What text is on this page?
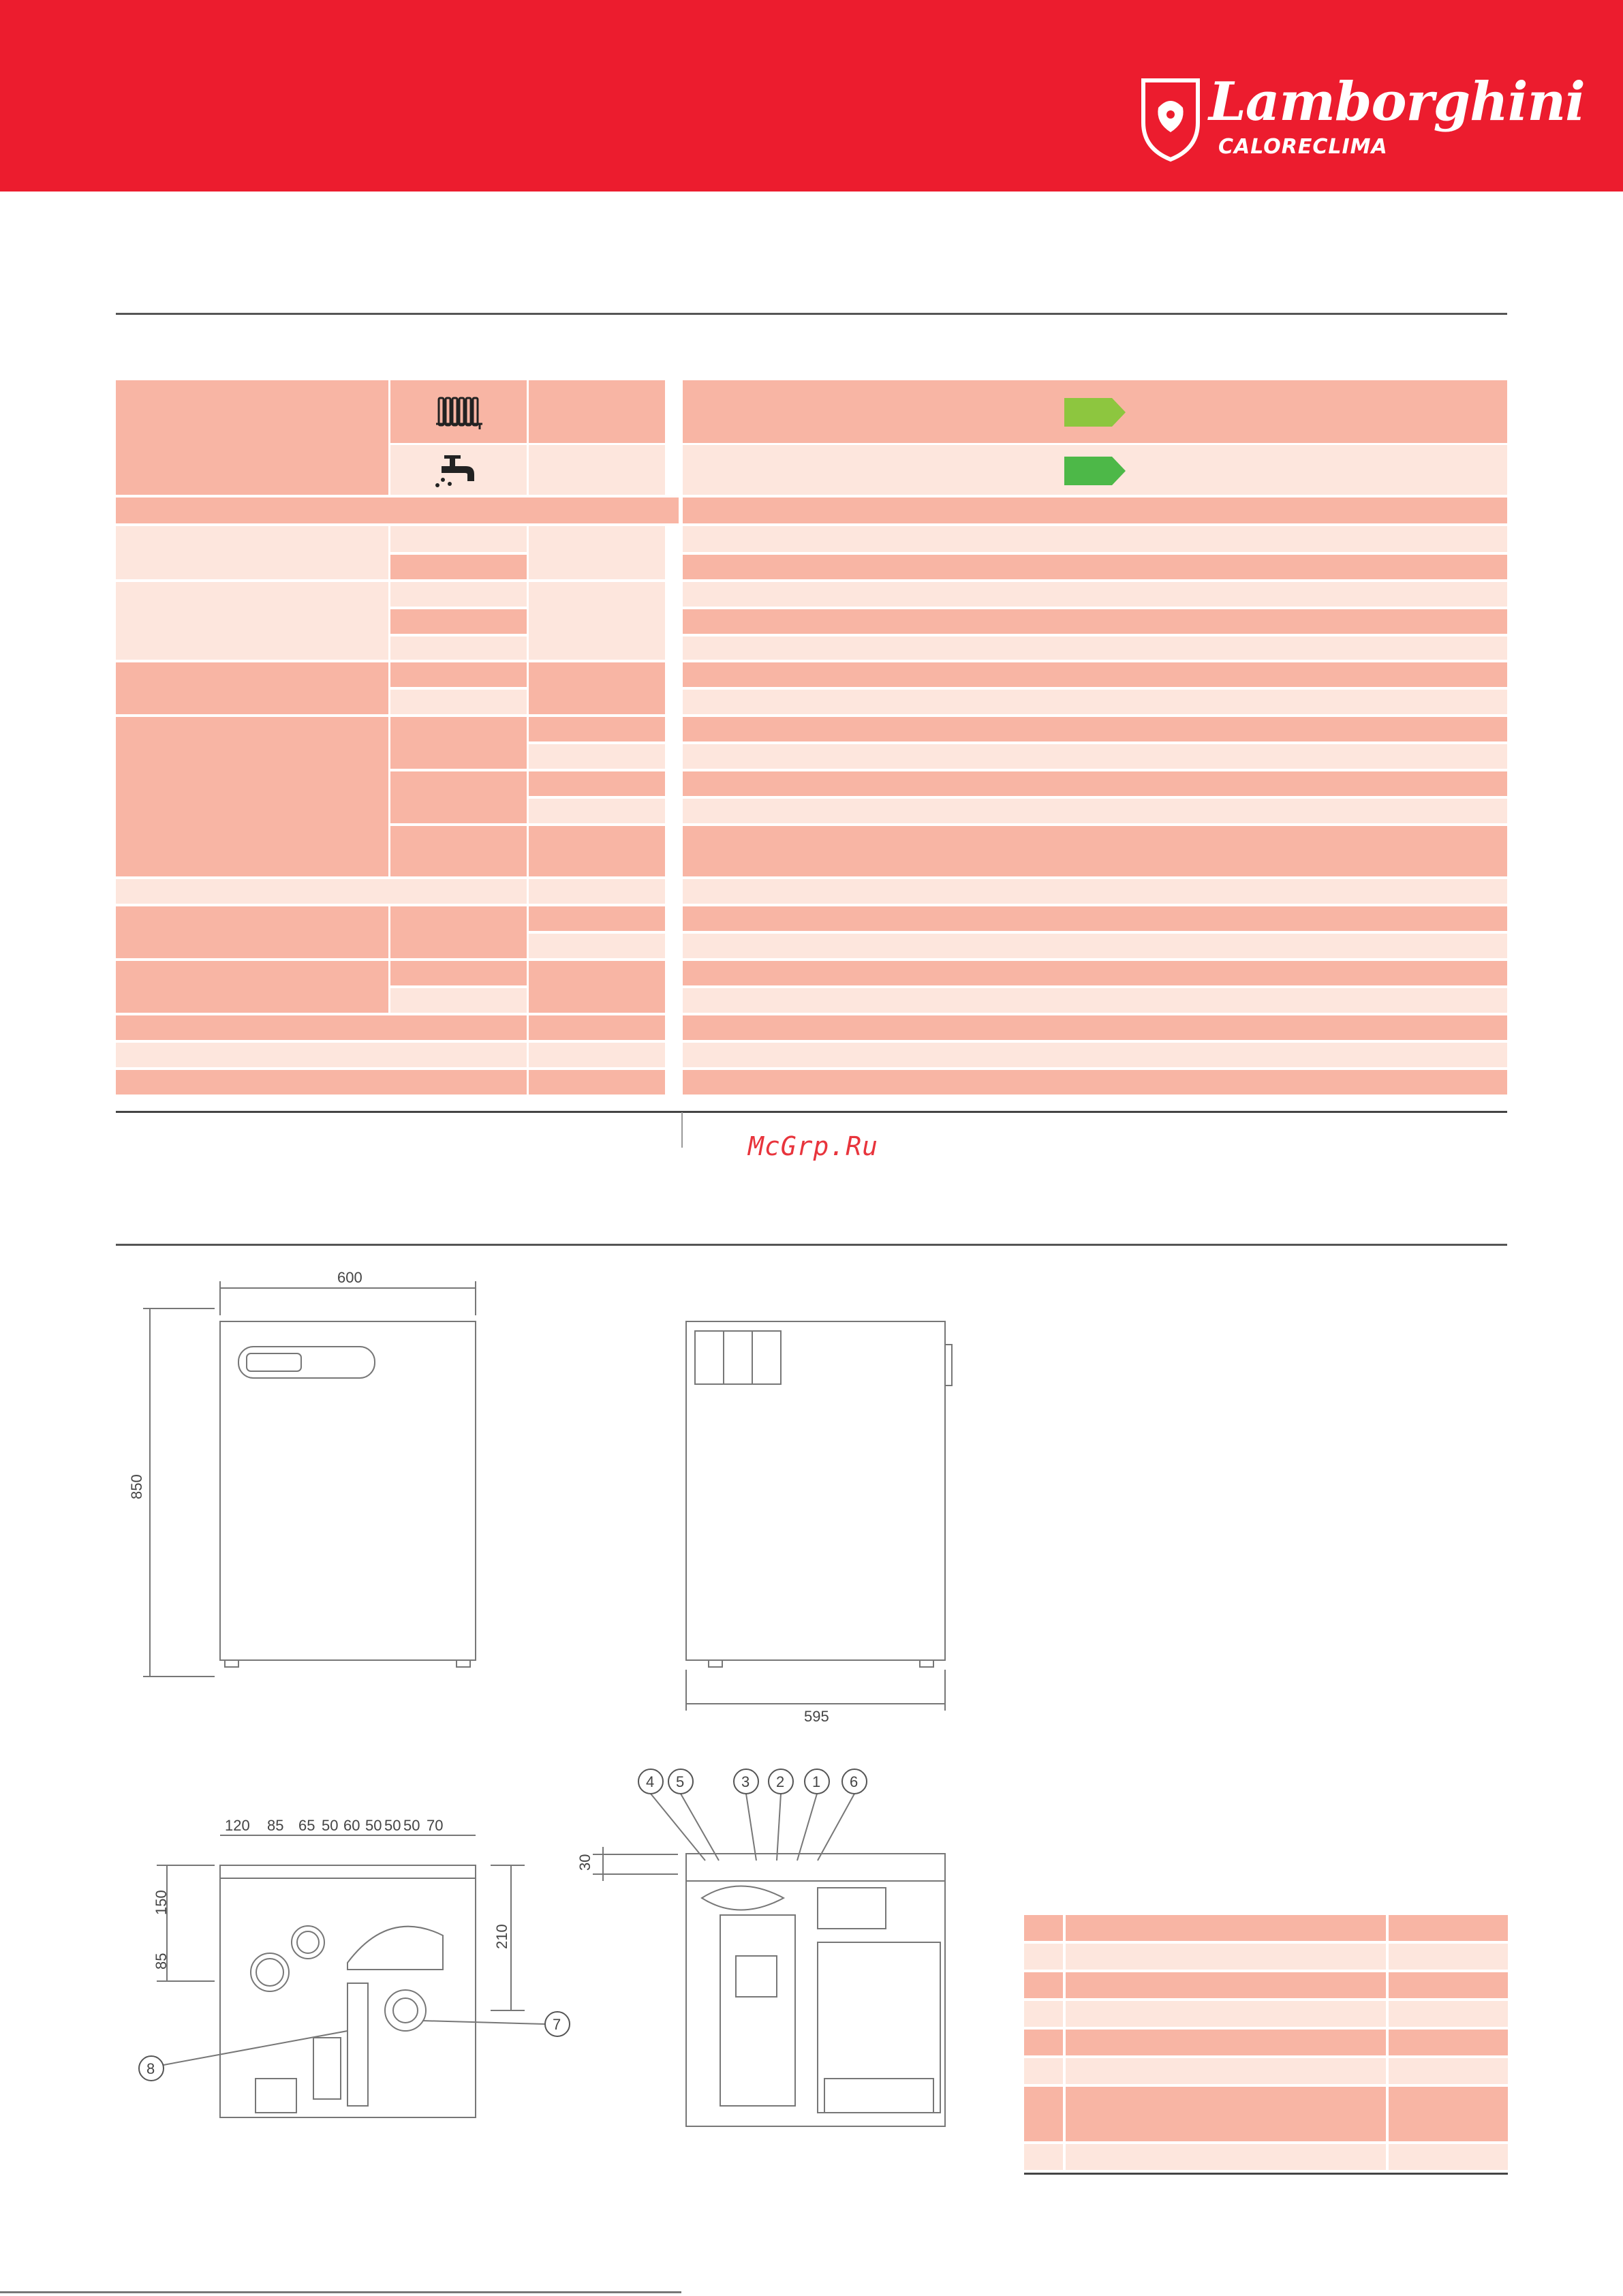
Lamborghini
CALORECLIMA
McGrp.Ru
600
850
595
120 85 65 50 60 50 50 50 70
150
85
210
30
4 5	3 2 1 6
8
7
